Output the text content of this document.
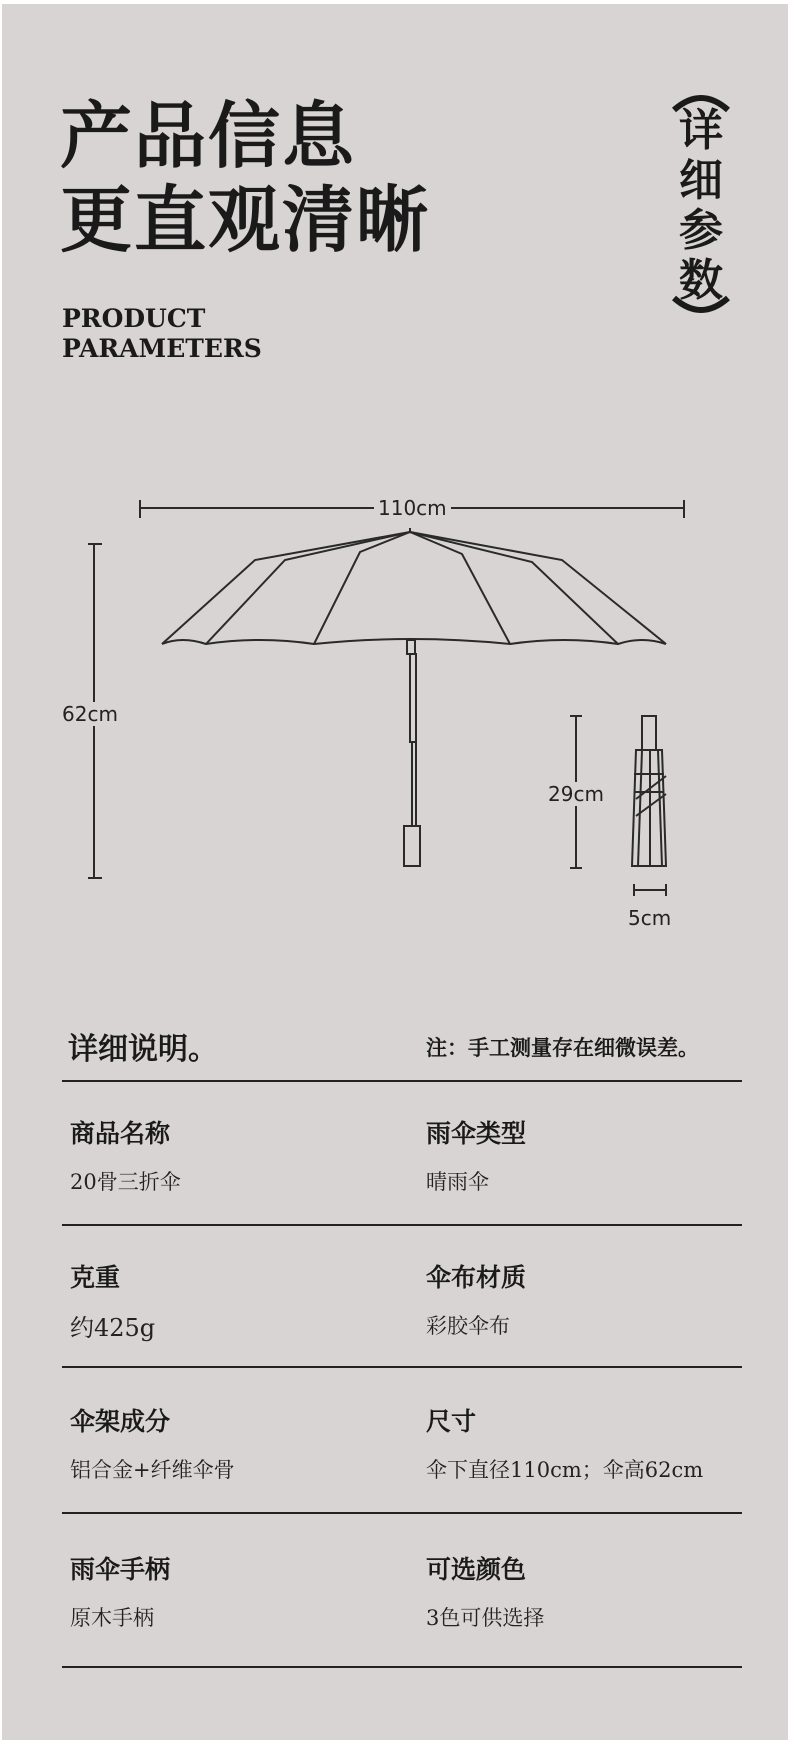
产品信息
更直观清晰
详
细
参
数
PRODUCT
PARAMETERS
110cm
62cm
29cm
5cm
详细说明。	注：手工测量存在细微误差。
商品名称
20骨三折伞
雨伞类型
晴雨伞
克重
约425g
伞布材质
彩胶伞布
伞架成分
铝合金+纤维伞骨
尺寸
伞下直径110cm；伞高62cm
雨伞手柄
原木手柄
可选颜色
3色可供选择
